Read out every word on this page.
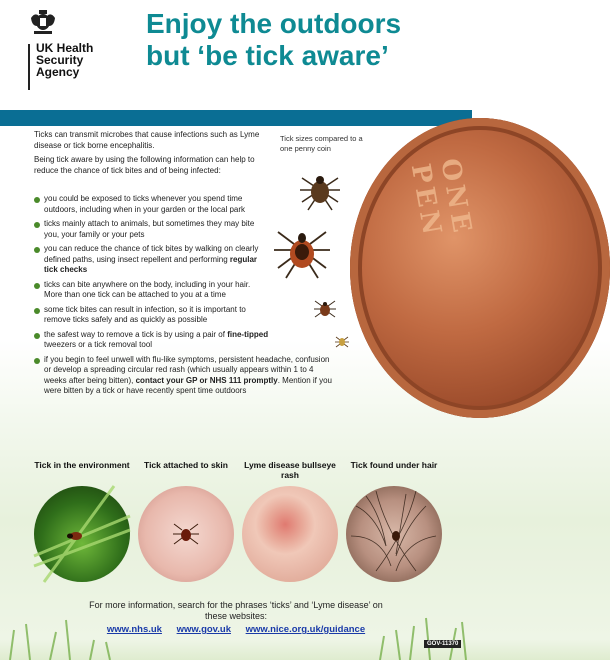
UK Health
Security
Agency
Enjoy the outdoors
but ‘be tick aware’
ONE PEN
Tick sizes compared to a one penny coin

Ticks can transmit microbes that cause infections such as Lyme disease or tick borne encephalitis.

Being tick aware by using the following information can help to reduce the chance of tick bites and of being infected:

you could be exposed to ticks whenever you spend time outdoors, including when in your garden or the local park
ticks mainly attach to animals, but sometimes they may bite you, your family or your pets
you can reduce the chance of tick bites by walking on clearly defined paths, using insect repellent and performing regular tick checks
ticks can bite anywhere on the body, including in your hair. More than one tick can be attached to you at a time
some tick bites can result in infection, so it is important to remove ticks safely and as quickly as possible
the safest way to remove a tick is by using a pair of fine-tipped tweezers or a tick removal tool
if you begin to feel unwell with flu-like symptoms, persistent headache, confusion or develop a spreading circular red rash (which usually appears within 1 to 4 weeks after being bitten), contact your GP or NHS 111 promptly. Mention if you were bitten by a tick or have recently spent time outdoors
Tick in the environment	Tick attached to skin	Lyme disease bullseye rash
Tick found under hair
For more information, search for the phrases ‘ticks’ and ‘Lyme disease’ on these websites:
www.nhs.uk www.gov.uk www.nice.org.uk/guidance
GOV-11370
